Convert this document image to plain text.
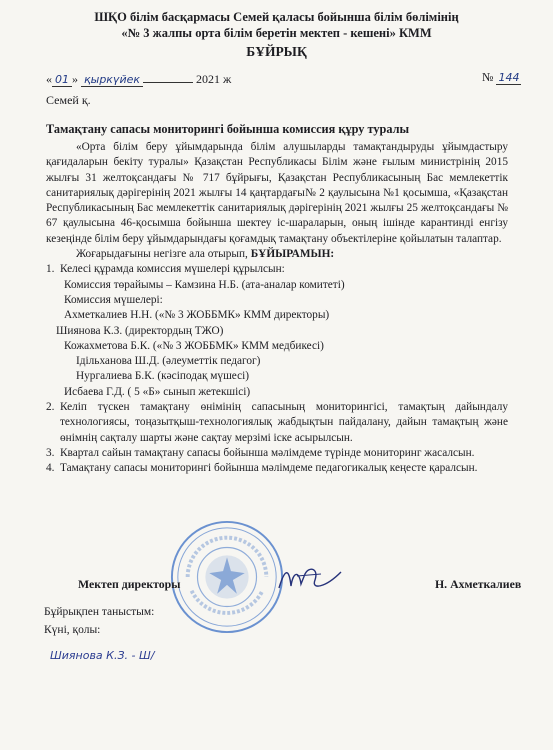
ШҚО білім басқармасы Семей қаласы бойынша білім бөлімінің
«№ 3 жалпы орта білім беретін мектеп - кешені» КММ
БҰЙРЫҚ
« 01 » қыркүйек	2021 ж	№ 144
Семей қ.
Тамақтану сапасы мониторингі бойынша комиссия құру туралы

«Орта білім беру ұйымдарында білім алушыларды тамақтандыруды ұйымдастыру қағидаларын бекіту туралы» Қазақстан Республикасы Білім және ғылым министрінің 2015 жылғы 31 желтоқсандағы № 717 бұйрығы, Қазақстан Республикасының Бас мемлекеттік санитариялық дәрігерінің 2021 жылғы 14 қаңтардағы№ 2 қаулысына №1 қосымша, «Қазақстан Республикасының Бас мемлекеттік санитариялық дәрігерінің 2021 жылғы 25 желтоқсандағы № 67 қаулысына 46-қосымша бойынша шектеу іс-шараларын, оның ішінде карантинді енгізу кезеңінде білім беру ұйымдарындағы қоғамдық тамақтану объектілеріне қойылатын талаптар.

Жоғарыдағыны негізге ала отырып, БҰЙЫРАМЫН:

1. Келесі құрамда комиссия мүшелері құрылсын:

Комиссия төрайымы – Камзина Н.Б. (ата-аналар комитеті)

Комиссия мүшелері:

Ахметкалиев Н.Н. («№ 3 ЖОББМК» КММ директоры)

Шиянова К.З. (директордың ТЖО)

Кожахметова Б.К. («№ 3 ЖОББМК» КММ медбикесі)

Ідільханова Ш.Д. (әлеуметтік педагог)

Нургалиева Б.К. (кәсіподақ мүшесі)

Исбаева Г.Д. ( 5 «Б» сынып жетекшісі)

2. Келіп түскен тамақтану өнімінің сапасының мониторингісі, тамақтың дайындалу технологиясы, тоңазытқыш-технологиялық жабдықтын пайдалану, дайын тамақтың және өнімнің сақталу шарты және сақтау мерзімі іске асырылсын.
3. Квартал сайын тамақтану сапасы бойынша мәлімдеме түрінде мониторинг жасалсын.
4. Тамақтану сапасы мониторингі бойынша мәлімдеме педагогикалық кеңесте қаралсын.
Мектеп директоры	Н. Ахметкалиев
Бұйрықпен таныстым:
Күні, қолы:
Шиянова К.З. - Ш/
